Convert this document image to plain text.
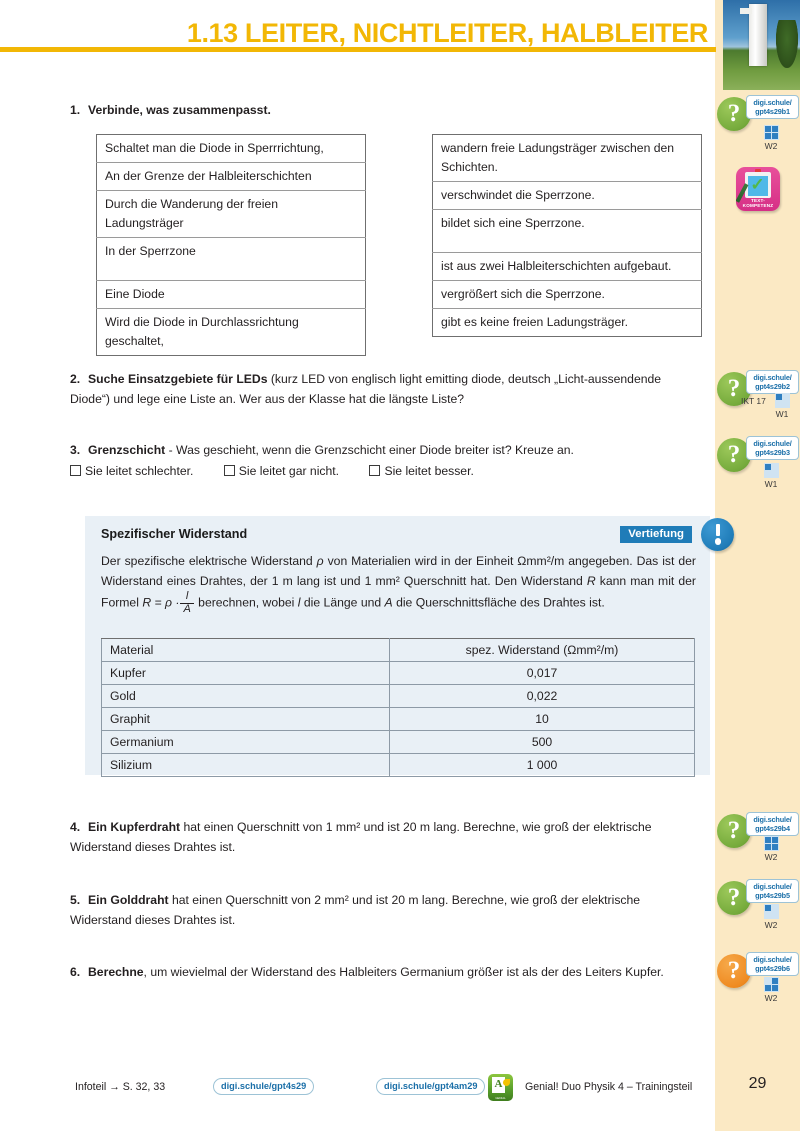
?	digi.schule/
gpt4s29b1
W2
✓
TEXT-
KOMPETENZ
?	digi.schule/
gpt4s29b2
IKT 17
W1
?	digi.schule/
gpt4s29b3
W1
?	digi.schule/
gpt4s29b4
W2
?	digi.schule/
gpt4s29b5
W2
?	digi.schule/
gpt4s29b6
W2
1.13 LEITER, NICHTLEITER, HALBLEITER
1. Verbinde, was zusammenpasst.
Schaltet man die Diode in Sperrrichtung,
An der Grenze der Halbleiterschichten
Durch die Wanderung der freien Ladungsträger
In der Sperrzone
Eine Diode
Wird die Diode in Durchlassrichtung geschaltet,
wandern freie Ladungsträger zwischen den Schichten.
verschwindet die Sperrzone.
bildet sich eine Sperrzone.
ist aus zwei Halbleiterschichten aufgebaut.
vergrößert sich die Sperrzone.
gibt es keine freien Ladungsträger.
2. Suche Einsatzgebiete für LEDs (kurz LED von englisch light emitting diode, deutsch „Licht-aussendende Diode“) und lege eine Liste an. Wer aus der Klasse hat die längste Liste?
3. Grenzschicht - Was geschieht, wenn die Grenzschicht einer Diode breiter ist? Kreuze an.
Sie leitet schlechter.	Sie leitet gar nicht.	Sie leitet besser.
Spezifischer Widerstand	Vertiefung
Der spezifische elektrische Widerstand ρ von Materialien wird in der Einheit Ωmm²/m angegeben. Das ist der Widerstand eines Drahtes, der 1 m lang ist und 1 mm² Querschnitt hat. Den Widerstand R kann man mit der Formel $R = \rho \cdot \frac{l}{A}$ berechnen, wobei l die Länge und A die Querschnittsfläche des Drahtes ist.
Material	spez. Widerstand (Ωmm²/m)
Kupfer	0,017
Gold	0,022
Graphit	10
Germanium	500
Silizium	1 000
4. Ein Kupferdraht hat einen Querschnitt von 1 mm² und ist 20 m lang. Berechne, wie groß der elektrische Widerstand dieses Drahtes ist.
5. Ein Golddraht hat einen Querschnitt von 2 mm² und ist 20 m lang. Berechne, wie groß der elektrische Widerstand dieses Drahtes ist.
6. Berechne, um wievielmal der Widerstand des Halbleiters Germanium größer ist als der des Leiters Kupfer.
Infoteil → S. 32, 33	digi.schule/gpt4s29	digi.schule/gpt4am29	A
GENIAL
Genial! Duo Physik 4 – Trainingsteil	29
